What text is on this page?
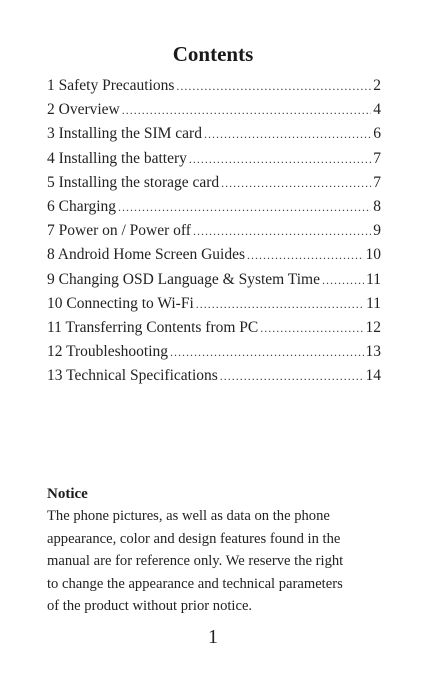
Contents
1 Safety Precautions .....	2
2 Overview .....	4
3 Installing the SIM card .....	6
4 Installing the battery .....	7
5 Installing the storage card .....	7
6 Charging .....	8
7 Power on / Power off .....	9
8 Android Home Screen Guides .....	10
9 Changing OSD Language & System Time .....	11
10 Connecting to Wi-Fi .....	11
11 Transferring Contents from PC .....	12
12 Troubleshooting .....	13
13 Technical Specifications .....	14
Notice
The phone pictures, as well as data on the phone
appearance, color and design features found in the
manual are for reference only. We reserve the right
to change the appearance and technical parameters
of the product without prior notice.
1
